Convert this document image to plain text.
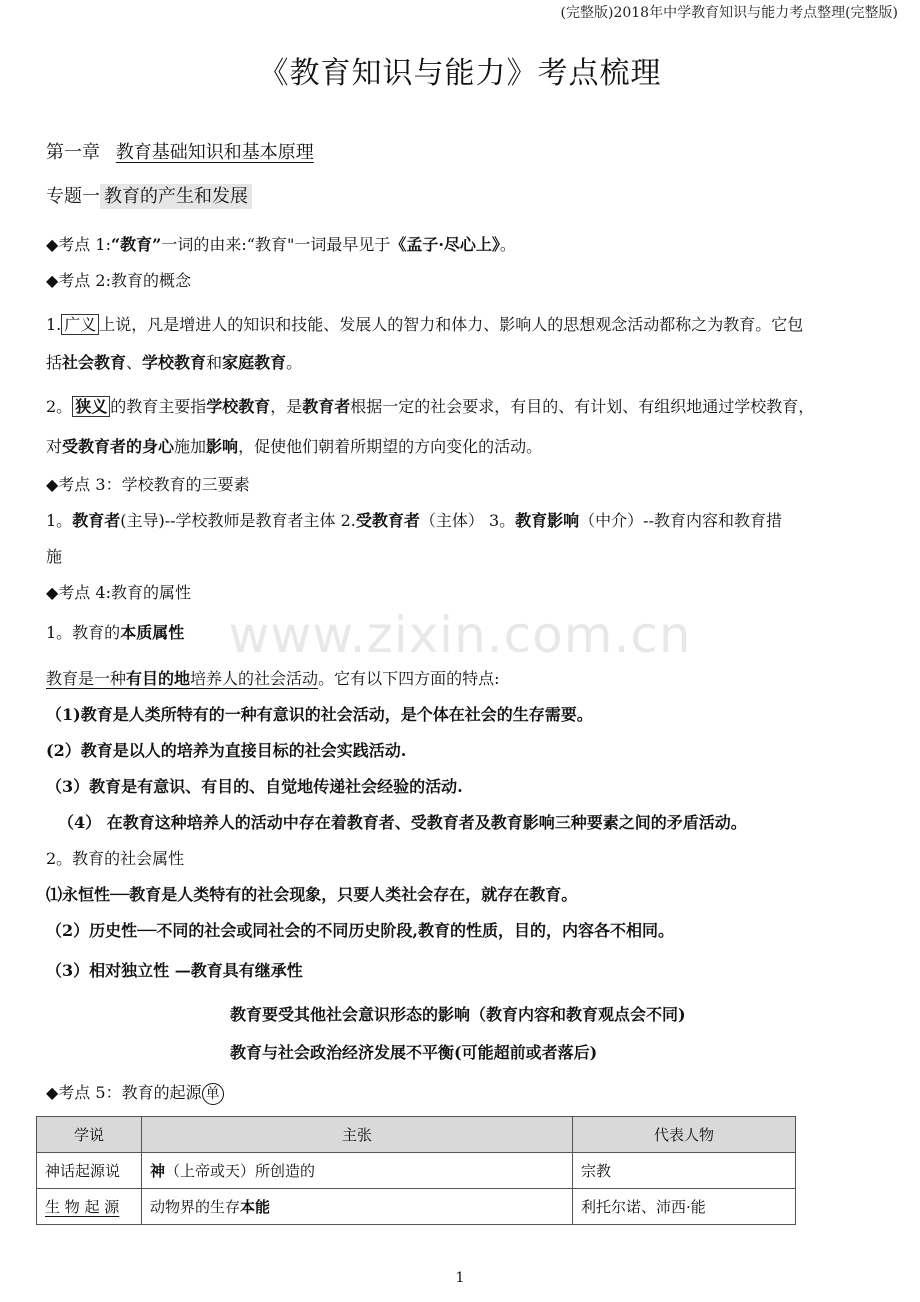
(完整版)2018年中学教育知识与能力考点整理(完整版)
《教育知识与能力》考点梳理
第一章 教育基础知识和基本原理
专题一 教育的产生和发展
◆考点 1:“教育”一词的由来:“教育"一词最早见于《孟子·尽心上》。
◆考点 2:教育的概念
1. 广义 上说，凡是增进人的知识和技能、发展人的智力和体力、影响人的思想观念活动都称之为教育。它包
括社会教育、学校教育和家庭教育。
2。 狭义 的教育主要指学校教育，是教育者根据一定的社会要求，有目的、有计划、有组织地通过学校教育，
对受教育者的身心施加影响，促使他们朝着所期望的方向变化的活动。
◆考点 3：学校教育的三要素
1。教育者(主导)--学校教师是教育者主体 2.受教育者（主体） 3。教育影响（中介）--教育内容和教育措
施
◆考点 4:教育的属性
1。教育的本质属性 www.zixin.com.cn
教育是一种有目的地培养人的社会活动。它有以下四方面的特点:
（1)教育是人类所特有的一种有意识的社会活动，是个体在社会的生存需要。
(2）教育是以人的培养为直接目标的社会实践活动.
（3）教育是有意识、有目的、自觉地传递社会经验的活动.
（4） 在教育这种培养人的活动中存在着教育者、受教育者及教育影响三种要素之间的矛盾活动。
2。教育的社会属性
⑴永恒性──教育是人类特有的社会现象，只要人类社会存在，就存在教育。
（2）历史性──不同的社会或同社会的不同历史阶段,教育的性质，目的，内容各不相同。
（3）相对独立性 —教育具有继承性
教育要受其他社会意识形态的影响（教育内容和教育观点会不同)
教育与社会政治经济发展不平衡(可能超前或者落后)
◆考点 5：教育的起源 单
学说	主张	代表人物
神话起源说	神（上帝或天）所创造的	宗教
生 物 起 源	动物界的生存本能	利托尔诺、沛西·能
1
